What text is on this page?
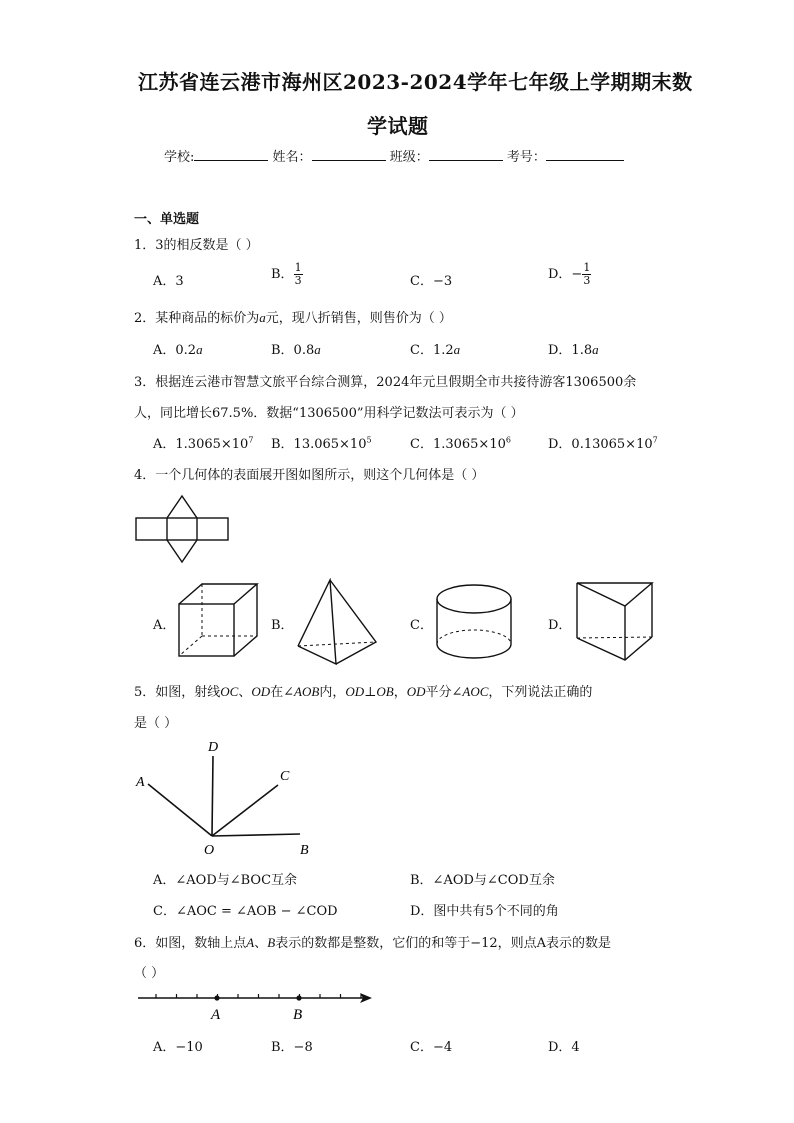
江苏省连云港市海州区2023-2024学年七年级上学期期末数
学试题
学校:	姓名：	班级：	考号：
一、单选题
1．3的相反数是（ ）
A．3	B． $\frac{1}{3}$	C．−3	D．− $\frac{1}{3}$
2．某种商品的标价为a元，现八折销售，则售价为（ ）
A．0.2a	B．0.8a	C．1.2a	D．1.8a
3．根据连云港市智慧文旅平台综合测算，2024年元旦假期全市共接待游客1306500余
人，同比增长67.5%．数据“1306500”用科学记数法可表示为（ ）
A．$1.3065\times 10^7$ B．$13.065\times 10^5$	C．$1.3065\times 10^6$	D．$0.13065\times 10^7$
4．一个几何体的表面展开图如图所示，则这个几何体是（ ）
A．	B．	C．	D．
5．如图，射线OC、OD在∠AOB内，OD⊥OB，OD平分∠AOC，下列说法正确的
是（ ）
A
D
C
O	B
A．∠AOD与∠BOC互余	B．∠AOD与∠COD互余
C．∠AOC = ∠AOB − ∠COD	D．图中共有5个不同的角
6．如图，数轴上点A、B表示的数都是整数，它们的和等于−12，则点A表示的数是
（ ）
A	B
A．−10	B．−8	C．−4	D．4
